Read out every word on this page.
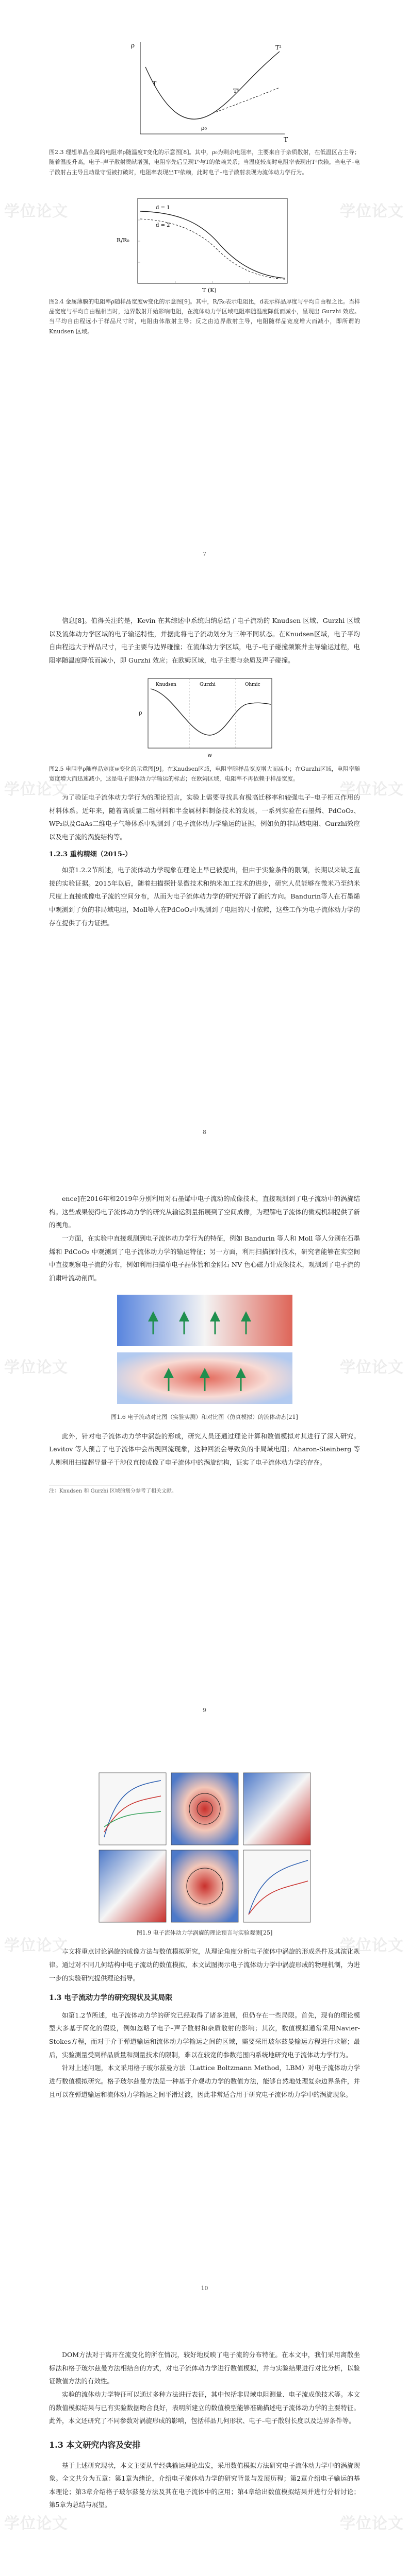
学位论文	学位论文
ρ
T
T²
T⁵
ρ₀
T

图2.3 理想单晶金属的电阻率ρ随温度T变化的示意图[8]。其中，ρ₀为剩余电阻率，主要来自于杂质散射，在低温区占主导；随着温度升高，电子–声子散射贡献增强，电阻率先后呈现T⁵与T的依赖关系；当温度较高时电阻率表现出T²依赖。当电子–电子散射占主导且动量守恒被打破时，电阻率表现出T²依赖，此时电子–电子散射表现为流体动力学行为。

R/R₀
T (K)
d = 1
d = 2

图2.4 金属薄膜的电阻率ρ随样品宽度w变化的示意图[9]。其中，R/R₀表示电阻比，d表示样品厚度与平均自由程之比。当样品宽度与平均自由程相当时，边界散射开始影响电阻，在流体动力学区域电阻率随温度降低而减小，呈现出 Gurzhi 效应。当平均自由程远小于样品尺寸时，电阻由体散射主导；反之由边界散射主导，电阻随样品宽度增大而减小，即所谓的 Knudsen 区域。

7
学位论文	学位论文

信息[8]。值得关注的是，Kevin 在其综述中系统归纳总结了电子流动的 Knudsen 区域、Gurzhi 区域以及流体动力学区域的电子输运特性，并据此将电子流动划分为三种不同状态。在Knudsen区域，电子平均自由程远大于样品尺寸，电子主要与边界碰撞；在流体动力学区域，电子–电子碰撞频繁并主导输运过程，电阻率随温度降低而减小，即 Gurzhi 效应；在欧姆区域，电子主要与杂质及声子碰撞。

ρ
w
Knudsen	Gurzhi	Ohmic

图2.5 电阻率ρ随样品宽度w变化的示意图[9]。在Knudsen区域，电阻率随样品宽度增大而减小；在Gurzhi区域，电阻率随宽度增大而迅速减小，这是电子流体动力学输运的标志；在欧姆区域，电阻率不再依赖于样品宽度。

为了验证电子流体动力学行为的理论预言，实验上需要寻找具有极高迁移率和较强电子–电子相互作用的材料体系。近年来，随着高质量二维材料和半金属材料制备技术的发展，一系列实验在石墨烯、PdCoO₂、WP₂以及GaAs二维电子气等体系中观测到了电子流体动力学输运的证据，例如负的非局域电阻、Gurzhi效应以及电子流的涡旋结构等。

1.2.3 重构精细（2015-）

如第1.2.2节所述，电子流体动力学现象在理论上早已被提出，但由于实验条件的限制，长期以来缺乏直接的实验证据。2015年以后，随着扫描探针显微技术和纳米加工技术的进步，研究人员能够在微米乃至纳米尺度上直接成像电子流的空间分布，从而为电子流体动力学的研究开辟了新的方向。Bandurin等人在石墨烯中观测到了负的非局域电阻，Moll等人在PdCoO₂中观测到了电阻的尺寸依赖，这些工作为电子流体动力学的存在提供了有力证据。

8
学位论文	学位论文

ence]在2016年和2019年分别利用对石墨烯中电子流动的成像技术，直接观测到了电子流动中的涡旋结构。这些成果使得电子流体动力学的研究从输运测量拓展到了空间成像，为理解电子流体的微观机制提供了新的视角。

一方面，在实验中直接观测到电子流体动力学行为的特征，例如 Bandurin 等人和 Moll 等人分别在石墨烯和 PdCoO₂ 中观测到了电子流体动力学的输运特征；另一方面，利用扫描探针技术，研究者能够在实空间中直接观察电子流的分布，例如利用扫描单电子晶体管和金刚石 NV 色心磁力计成像技术，观测到了电子流的泊肃叶流动剖面。

图1.6 电子流动对比图（实验实测）和对比图（仿真模拟）的流体动态[21]

此外，针对电子流体动力学中涡旋的形成，研究人员还通过理论计算和数值模拟对其进行了深入研究。Levitov 等人预言了电子流体中会出现回流现象，这种回流会导致负的非局域电阻；Aharon-Steinberg 等人则利用扫描超导量子干涉仪直接成像了电子流体中的涡旋结构，证实了电子流体动力学的存在。

注：Knudsen 和 Gurzhi 区域的划分参考了相关文献。

9
学位论文	学位论文

图1.9 电子流体动力学涡旋的理论预言与实验观测[25]

本文将重点讨论涡旋的成像方法与数值模拟研究，从理论角度分析电子流体中涡旋的形成条件及其演化规律。通过对不同几何结构中电子流动的数值模拟，本文试图揭示电子流体动力学中涡旋形成的物理机制，为进一步的实验研究提供理论指导。

1.3 电子流动力学的研究现状及其局限

如第1.2节所述，电子流体动力学的研究已经取得了诸多进展，但仍存在一些局限。首先，现有的理论模型大多基于简化的假设，例如忽略了电子–声子散射和杂质散射的影响；其次，数值模拟通常采用Navier-Stokes方程，而对于介于弹道输运和流体动力学输运之间的区域，需要采用玻尔兹曼输运方程进行求解；最后，实验测量受到样品质量和测量技术的限制，难以在较宽的参数范围内系统地研究电子流体动力学行为。

针对上述问题，本文采用格子玻尔兹曼方法（Lattice Boltzmann Method，LBM）对电子流体动力学进行数值模拟研究。格子玻尔兹曼方法是一种基于介观动力学的数值方法，能够自然地处理复杂边界条件，并且可以在弹道输运和流体动力学输运之间平滑过渡，因此非常适合用于研究电子流体动力学中的涡旋现象。

10
学位论文	学位论文

DOM方法对于离开在流变化的所在情况，较好地反映了电子流的分布特征。在本文中，我们采用离散坐标法和格子玻尔兹曼方法相结合的方式，对电子流体动力学进行数值模拟，并与实验结果进行对比分析，以验证数值方法的有效性。

实验的流体动力学特征可以通过多种方法进行表征，其中包括非局域电阻测量、电子流成像技术等。本文的数值模拟结果与已有实验数据吻合良好，表明所建立的数值模型能够准确描述电子流体动力学的主要特征。此外，本文还研究了不同参数对涡旋形成的影响，包括样品几何形状、电子–电子散射长度以及边界条件等。

1.3 本文研究内容及安排

基于上述研究现状，本文主要从半经典输运理论出发，采用数值模拟方法研究电子流体动力学中的涡旋现象。全文共分为五章：第1章为绪论，介绍电子流体动力学的研究背景与发展历程；第2章介绍电子输运的基本理论；第3章介绍格子玻尔兹曼方法及其在电子流体中的应用；第4章给出数值模拟结果并进行分析讨论；第5章为总结与展望。
